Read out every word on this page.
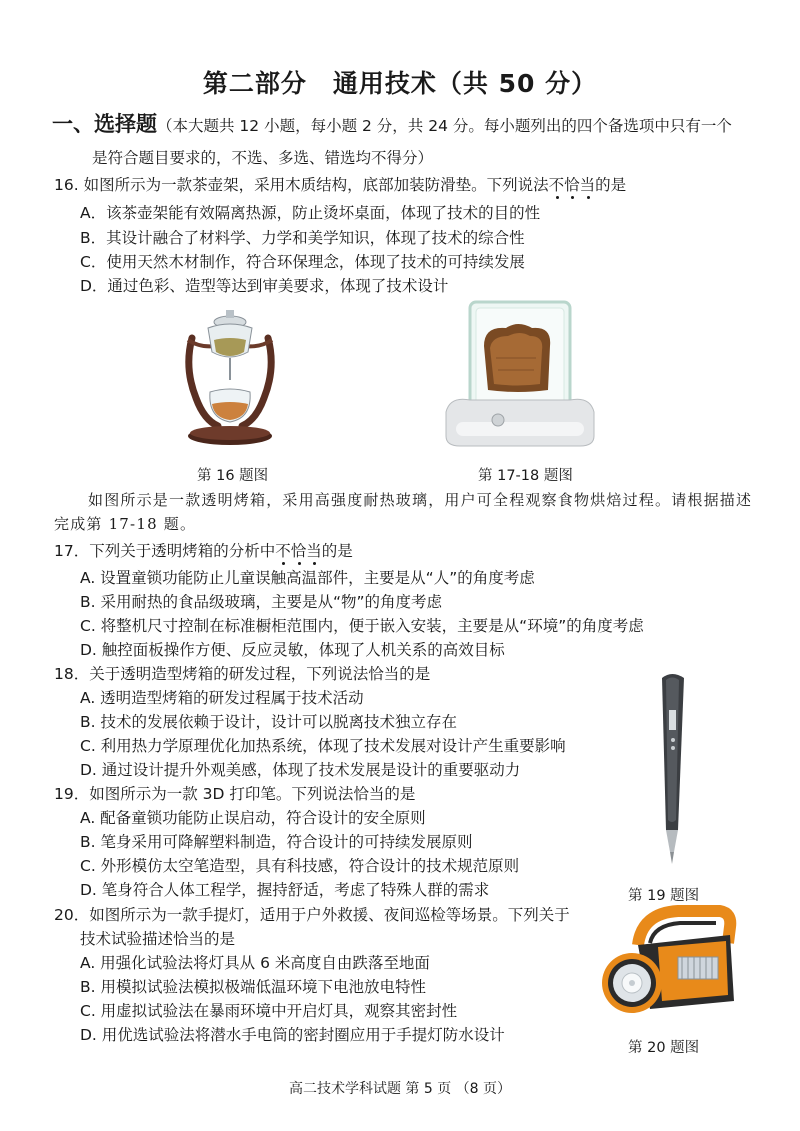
第二部分　通用技术（共 50 分）
一、选择题（本大题共 12 小题，每小题 2 分，共 24 分。每小题列出的四个备选项中只有一个
是符合题目要求的，不选、多选、错选均不得分）
16. 如图所示为一款茶壶架，采用木质结构，底部加装防滑垫。下列说法不恰当的是
A．该茶壶架能有效隔离热源，防止烫坏桌面，体现了技术的目的性
B．其设计融合了材料学、力学和美学知识，体现了技术的综合性
C．使用天然木材制作，符合环保理念，体现了技术的可持续发展
D．通过色彩、造型等达到审美要求，体现了技术设计
第 16 题图	第 17-18 题图
如图所示是一款透明烤箱，采用高强度耐热玻璃，用户可全程观察食物烘焙过程。请根据描述
完成第 17-18 题。
17．下列关于透明烤箱的分析中不恰当的是
A. 设置童锁功能防止儿童误触高温部件，主要是从“人”的角度考虑
B. 采用耐热的食品级玻璃，主要是从“物”的角度考虑
C. 将整机尺寸控制在标准橱柜范围内，便于嵌入安装，主要是从“环境”的角度考虑
D. 触控面板操作方便、反应灵敏，体现了人机关系的高效目标
18．关于透明造型烤箱的研发过程，下列说法恰当的是
A. 透明造型烤箱的研发过程属于技术活动
B. 技术的发展依赖于设计，设计可以脱离技术独立存在
C. 利用热力学原理优化加热系统，体现了技术发展对设计产生重要影响
D. 通过设计提升外观美感，体现了技术发展是设计的重要驱动力
第 19 题图
19．如图所示为一款 3D 打印笔。下列说法恰当的是
A. 配备童锁功能防止误启动，符合设计的安全原则
B. 笔身采用可降解塑料制造，符合设计的可持续发展原则
C. 外形模仿太空笔造型，具有科技感，符合设计的技术规范原则
D. 笔身符合人体工程学，握持舒适，考虑了特殊人群的需求
20．如图所示为一款手提灯，适用于户外救援、夜间巡检等场景。下列关于
技术试验描述恰当的是
A. 用强化试验法将灯具从 6 米高度自由跌落至地面
B. 用模拟试验法模拟极端低温环境下电池放电特性
C. 用虚拟试验法在暴雨环境中开启灯具，观察其密封性
D. 用优选试验法将潜水手电筒的密封圈应用于手提灯防水设计
第 20 题图
高二技术学科试题 第 5 页 （8 页）
